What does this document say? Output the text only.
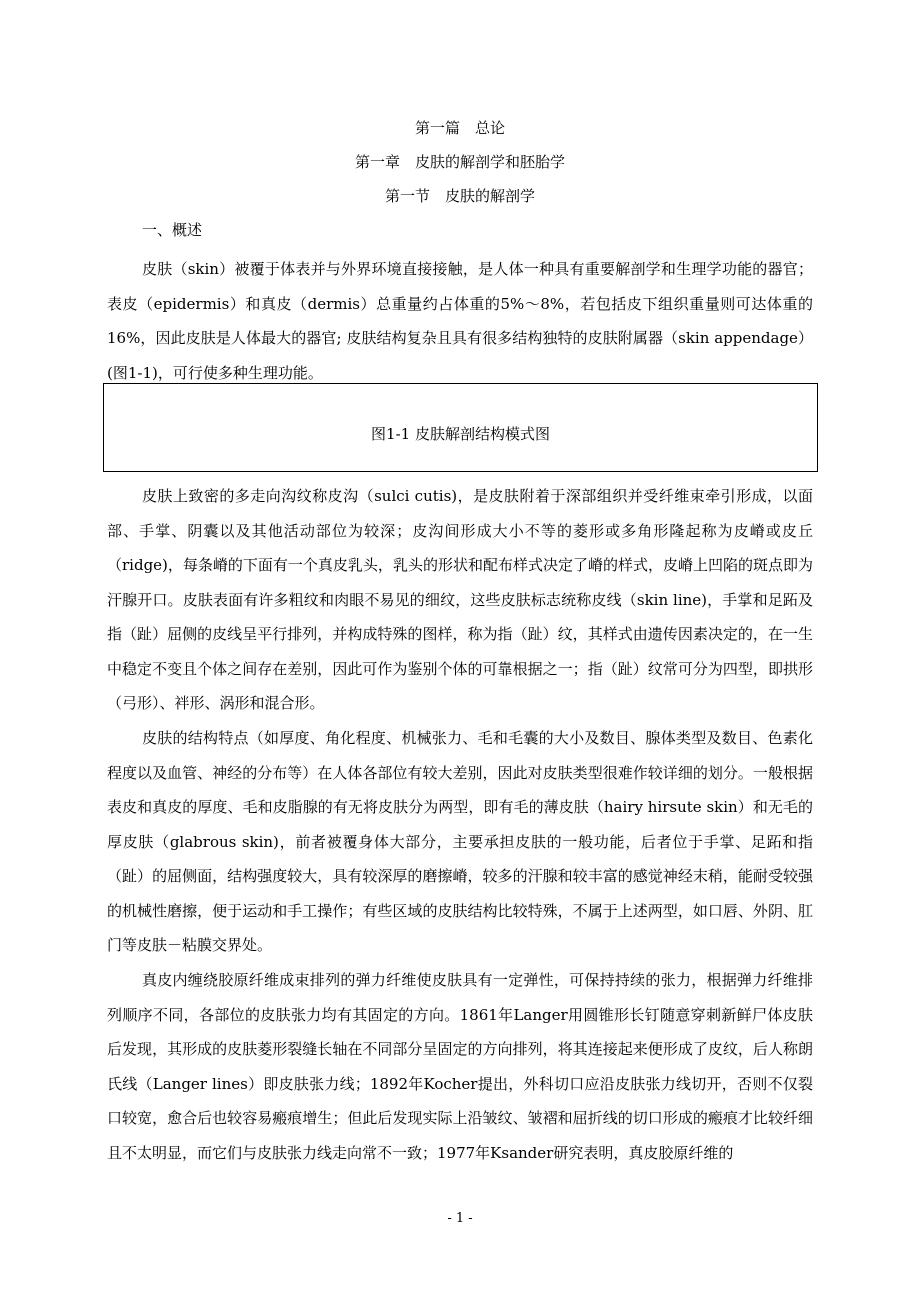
第一篇　总论
第一章　皮肤的解剖学和胚胎学
第一节　皮肤的解剖学
一、概述

皮肤（skin）被覆于体表并与外界环境直接接触，是人体一种具有重要解剖学和生理学功能的器官；表皮（epidermis）和真皮（dermis）总重量约占体重的5%～8%，若包括皮下组织重量则可达体重的16%，因此皮肤是人体最大的器官; 皮肤结构复杂且具有很多结构独特的皮肤附属器（skin appendage）(图1-1)，可行使多种生理功能。

图1-1 皮肤解剖结构模式图

皮肤上致密的多走向沟纹称皮沟（sulci cutis)，是皮肤附着于深部组织并受纤维束牵引形成，以面部、手掌、阴囊以及其他活动部位为较深；皮沟间形成大小不等的菱形或多角形隆起称为皮嵴或皮丘（ridge)，每条嵴的下面有一个真皮乳头，乳头的形状和配布样式决定了嵴的样式，皮嵴上凹陷的斑点即为汗腺开口。皮肤表面有许多粗纹和肉眼不易见的细纹，这些皮肤标志统称皮线（skin line)，手掌和足跖及指（趾）屈侧的皮线呈平行排列，并构成特殊的图样，称为指（趾）纹，其样式由遗传因素决定的，在一生中稳定不变且个体之间存在差别，因此可作为鉴别个体的可靠根据之一；指（趾）纹常可分为四型，即拱形（弓形）、袢形、涡形和混合形。

皮肤的结构特点（如厚度、角化程度、机械张力、毛和毛囊的大小及数目、腺体类型及数目、色素化程度以及血管、神经的分布等）在人体各部位有较大差别，因此对皮肤类型很难作较详细的划分。一般根据表皮和真皮的厚度、毛和皮脂腺的有无将皮肤分为两型，即有毛的薄皮肤（hairy hirsute skin）和无毛的厚皮肤（glabrous skin)，前者被覆身体大部分，主要承担皮肤的一般功能，后者位于手掌、足跖和指（趾）的屈侧面，结构强度较大，具有较深厚的磨擦嵴，较多的汗腺和较丰富的感觉神经末稍，能耐受较强的机械性磨擦，便于运动和手工操作；有些区域的皮肤结构比较特殊，不属于上述两型，如口唇、外阴、肛门等皮肤－粘膜交界处。

真皮内缠绕胶原纤维成束排列的弹力纤维使皮肤具有一定弹性，可保持持续的张力，根据弹力纤维排列顺序不同，各部位的皮肤张力均有其固定的方向。1861年Langer用圆锥形长钉随意穿刺新鲜尸体皮肤后发现，其形成的皮肤菱形裂缝长轴在不同部分呈固定的方向排列，将其连接起来便形成了皮纹，后人称朗氏线（Langer lines）即皮肤张力线；1892年Kocher提出，外科切口应沿皮肤张力线切开，否则不仅裂口较宽，愈合后也较容易瘢痕增生；但此后发现实际上沿皱纹、皱褶和屈折线的切口形成的瘢痕才比较纤细且不太明显，而它们与皮肤张力线走向常不一致；1977年Ksander研究表明，真皮胶原纤维的

- 1 -
